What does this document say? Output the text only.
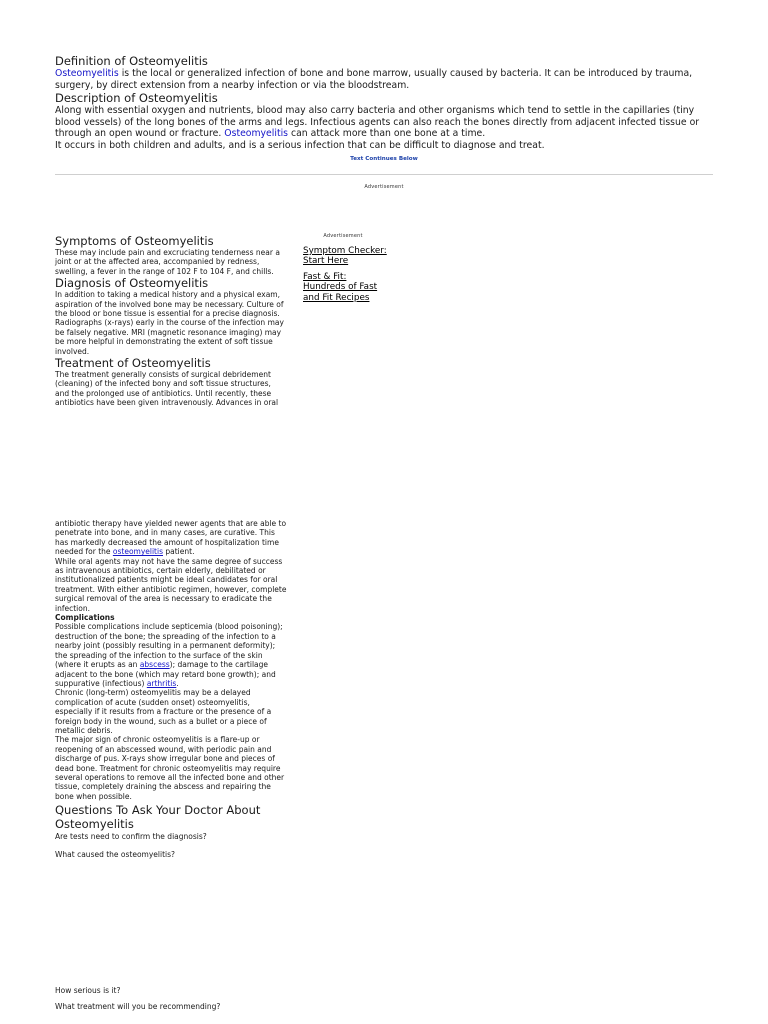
Definition of Osteomyelitis

Osteomyelitis is the local or generalized infection of bone and bone marrow, usually caused by bacteria. It can be introduced by trauma,

surgery, by direct extension from a nearby infection or via the bloodstream.

Description of Osteomyelitis

Along with essential oxygen and nutrients, blood may also carry bacteria and other organisms which tend to settle in the capillaries (tiny

blood vessels) of the long bones of the arms and legs. Infectious agents can also reach the bones directly from adjacent infected tissue or

through an open wound or fracture. Osteomyelitis can attack more than one bone at a time.

It occurs in both children and adults, and is a serious infection that can be difficult to diagnose and treat.

Text Continues Below
Advertisement
Advertisement
Symptom Checker:
Start Here
Fast & Fit:
Hundreds of Fast
and Fit Recipes
Symptoms of Osteomyelitis

These may include pain and excruciating tenderness near a

joint or at the affected area, accompanied by redness,

swelling, a fever in the range of 102 F to 104 F, and chills.

Diagnosis of Osteomyelitis

In addition to taking a medical history and a physical exam,

aspiration of the involved bone may be necessary. Culture of

the blood or bone tissue is essential for a precise diagnosis.

Radiographs (x-rays) early in the course of the infection may

be falsely negative. MRI (magnetic resonance imaging) may

be more helpful in demonstrating the extent of soft tissue

involved.

Treatment of Osteomyelitis

The treatment generally consists of surgical debridement

(cleaning) of the infected bony and soft tissue structures,

and the prolonged use of antibiotics. Until recently, these

antibiotics have been given intravenously. Advances in oral

antibiotic therapy have yielded newer agents that are able to

penetrate into bone, and in many cases, are curative. This

has markedly decreased the amount of hospitalization time

needed for the osteomyelitis patient.

While oral agents may not have the same degree of success

as intravenous antibiotics, certain elderly, debilitated or

institutionalized patients might be ideal candidates for oral

treatment. With either antibiotic regimen, however, complete

surgical removal of the area is necessary to eradicate the

infection.

Complications

Possible complications include septicemia (blood poisoning);

destruction of the bone; the spreading of the infection to a

nearby joint (possibly resulting in a permanent deformity);

the spreading of the infection to the surface of the skin

(where it erupts as an abscess); damage to the cartilage

adjacent to the bone (which may retard bone growth); and

suppurative (infectious) arthritis.

Chronic (long-term) osteomyelitis may be a delayed

complication of acute (sudden onset) osteomyelitis,

especially if it results from a fracture or the presence of a

foreign body in the wound, such as a bullet or a piece of

metallic debris.

The major sign of chronic osteomyelitis is a flare-up or

reopening of an abscessed wound, with periodic pain and

discharge of pus. X-rays show irregular bone and pieces of

dead bone. Treatment for chronic osteomyelitis may require

several operations to remove all the infected bone and other

tissue, completely draining the abscess and repairing the

bone when possible.

Questions To Ask Your Doctor About
Osteomyelitis

Are tests need to confirm the diagnosis?

What caused the osteomyelitis?

How serious is it?

What treatment will you be recommending?
